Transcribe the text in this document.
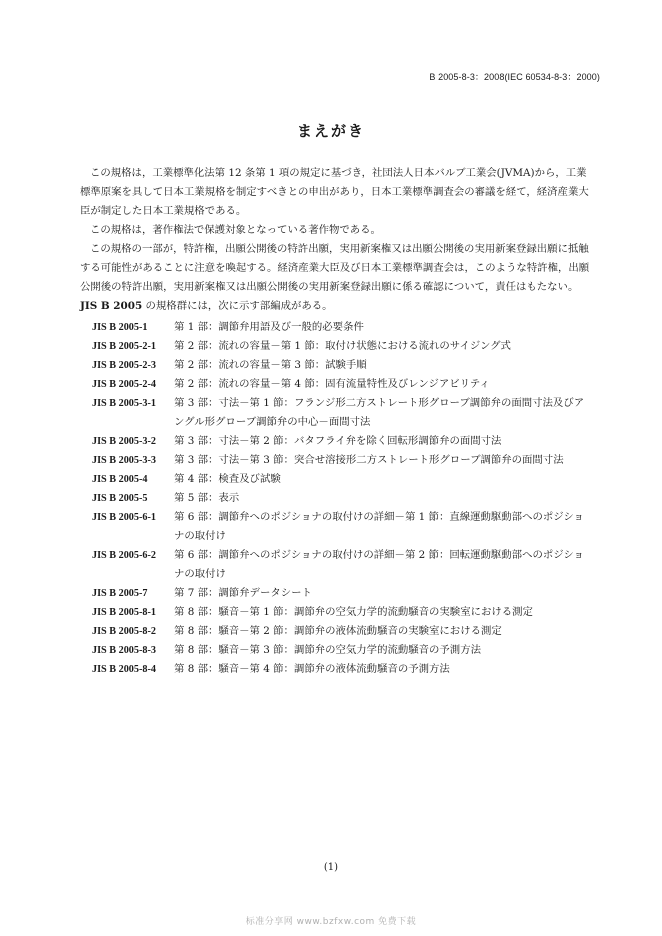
B 2005-8-3：2008(IEC 60534-8-3：2000)
まえがき

この規格は，工業標準化法第 12 条第 1 項の規定に基づき，社団法人日本バルブ工業会(JVMA)から，工業標準原案を具して日本工業規格を制定すべきとの申出があり，日本工業標準調査会の審議を経て，経済産業大臣が制定した日本工業規格である。

この規格は，著作権法で保護対象となっている著作物である。

この規格の一部が，特許権，出願公開後の特許出願，実用新案権又は出願公開後の実用新案登録出願に抵触する可能性があることに注意を喚起する。経済産業大臣及び日本工業標準調査会は，このような特許権，出願公開後の特許出願，実用新案権又は出願公開後の実用新案登録出願に係る確認について，責任はもたない。

JIS B 2005 の規格群には，次に示す部編成がある。

JIS B 2005-1	第 1 部：調節弁用語及び一般的必要条件
JIS B 2005-2-1 第 2 部：流れの容量－第 1 節：取付け状態における流れのサイジング式
JIS B 2005-2-3 第 2 部：流れの容量－第 3 節：試験手順
JIS B 2005-2-4 第 2 部：流れの容量－第 4 節：固有流量特性及びレンジアビリティ
JIS B 2005-3-1 第 3 部：寸法－第 1 節：フランジ形二方ストレート形グローブ調節弁の面間寸法及びアングル形グローブ調節弁の中心－面間寸法
JIS B 2005-3-2 第 3 部：寸法－第 2 節：バタフライ弁を除く回転形調節弁の面間寸法
JIS B 2005-3-3 第 3 部：寸法－第 3 節：突合せ溶接形二方ストレート形グローブ調節弁の面間寸法
JIS B 2005-4	第 4 部：検査及び試験
JIS B 2005-5	第 5 部：表示
JIS B 2005-6-1 第 6 部：調節弁へのポジショナの取付けの詳細－第 1 節：直線運動駆動部へのポジショナの取付け
JIS B 2005-6-2 第 6 部：調節弁へのポジショナの取付けの詳細－第 2 節：回転運動駆動部へのポジショナの取付け
JIS B 2005-7	第 7 部：調節弁データシート
JIS B 2005-8-1 第 8 部：騒音－第 1 節：調節弁の空気力学的流動騒音の実験室における測定
JIS B 2005-8-2 第 8 部：騒音－第 2 節：調節弁の液体流動騒音の実験室における測定
JIS B 2005-8-3 第 8 部：騒音－第 3 節：調節弁の空気力学的流動騒音の予測方法
JIS B 2005-8-4 第 8 部：騒音－第 4 節：調節弁の液体流動騒音の予測方法
(1)
标准分享网 www.bzfxw.com 免费下载
